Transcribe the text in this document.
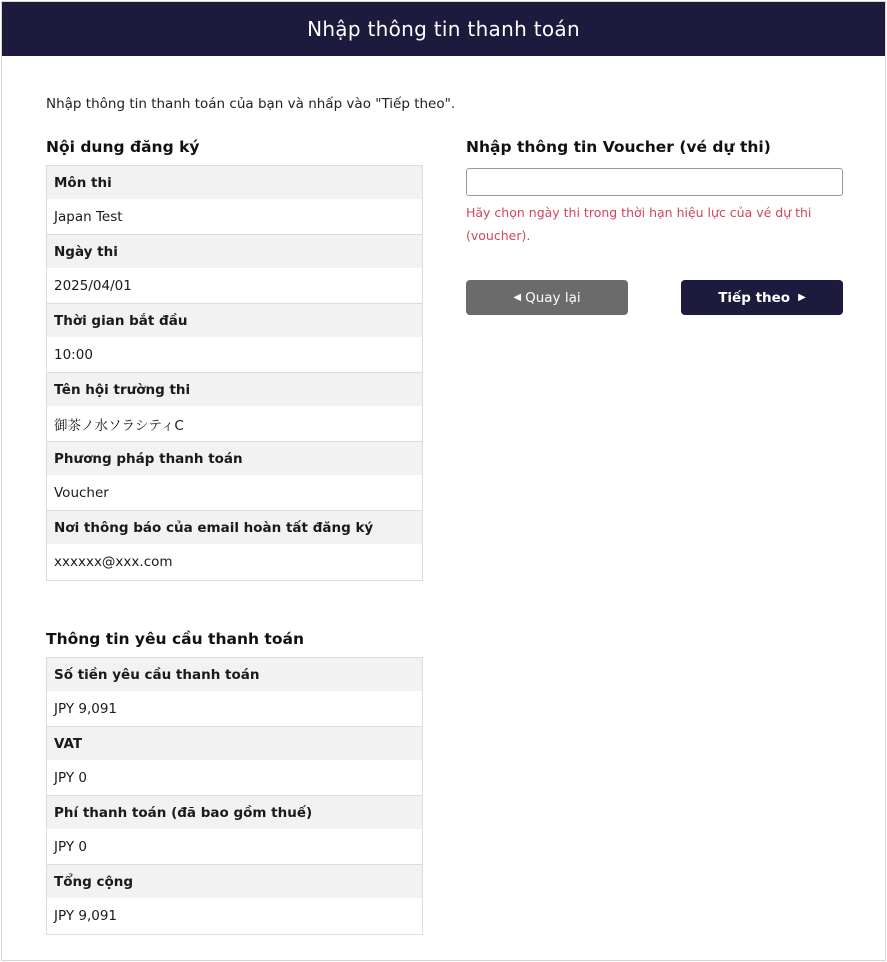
Nhập thông tin thanh toán

Nhập thông tin thanh toán của bạn và nhấp vào "Tiếp theo".

Nội dung đăng ký
Môn thi
Japan Test
Ngày thi
2025/04/01
Thời gian bắt đầu
10:00
Tên hội trường thi
御茶ノ水ソラシティC
Phương pháp thanh toán
Voucher
Nơi thông báo của email hoàn tất đăng ký
xxxxxx@xxx.com
Thông tin yêu cầu thanh toán
Số tiền yêu cầu thanh toán
JPY 9,091
VAT
JPY 0
Phí thanh toán (đã bao gồm thuế)
JPY 0
Tổng cộng
JPY 9,091
Nhập thông tin Voucher (vé dự thi)
Hãy chọn ngày thi trong thời hạn hiệu lực của vé dự thi (voucher).
◀ Quay lại	Tiếp theo ▶
